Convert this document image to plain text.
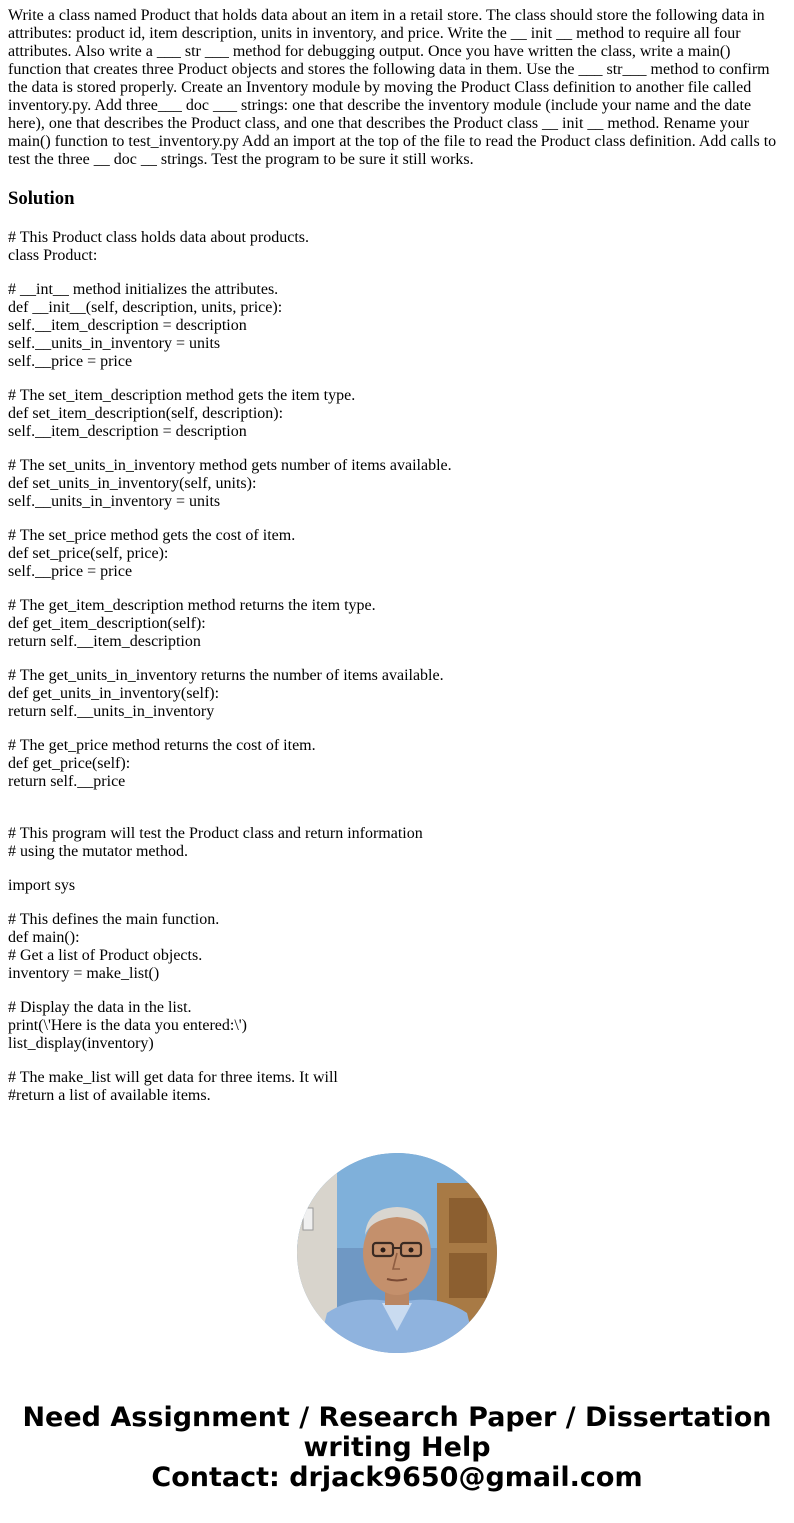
Write a class named Product that holds data about an item in a retail store. The class should store the following data in attributes: product id, item description, units in inventory, and price. Write the __ init __ method to require all four attributes. Also write a ___ str ___ method for debugging output. Once you have written the class, write a main() function that creates three Product objects and stores the following data in them. Use the ___ str___ method to confirm the data is stored properly. Create an Inventory module by moving the Product Class definition to another file called inventory.py. Add three___ doc ___ strings: one that describe the inventory module (include your name and the date here), one that describes the Product class, and one that describes the Product class __ init __ method. Rename your main() function to test_inventory.py Add an import at the top of the file to read the Product class definition. Add calls to test the three __ doc __ strings. Test the program to be sure it still works.

Solution
# This Product class holds data about products.
class Product:
# __int__ method initializes the attributes.
def __init__(self, description, units, price):
self.__item_description = description
self.__units_in_inventory = units
self.__price = price
# The set_item_description method gets the item type.
def set_item_description(self, description):
self.__item_description = description
# The set_units_in_inventory method gets number of items available.
def set_units_in_inventory(self, units):
self.__units_in_inventory = units
# The set_price method gets the cost of item.
def set_price(self, price):
self.__price = price
# The get_item_description method returns the item type.
def get_item_description(self):
return self.__item_description
# The get_units_in_inventory returns the number of items available.
def get_units_in_inventory(self):
return self.__units_in_inventory
# The get_price method returns the cost of item.
def get_price(self):
return self.__price
# This program will test the Product class and return information
# using the mutator method.
import sys
# This defines the main function.
def main():
# Get a list of Product objects.
inventory = make_list()
# Display the data in the list.
print(\'Here is the data you entered:\')
list_display(inventory)
# The make_list will get data for three items. It will
#return a list of available items.
Need Assignment / Research Paper / Dissertation
writing Help
Contact: drjack9650@gmail.com
